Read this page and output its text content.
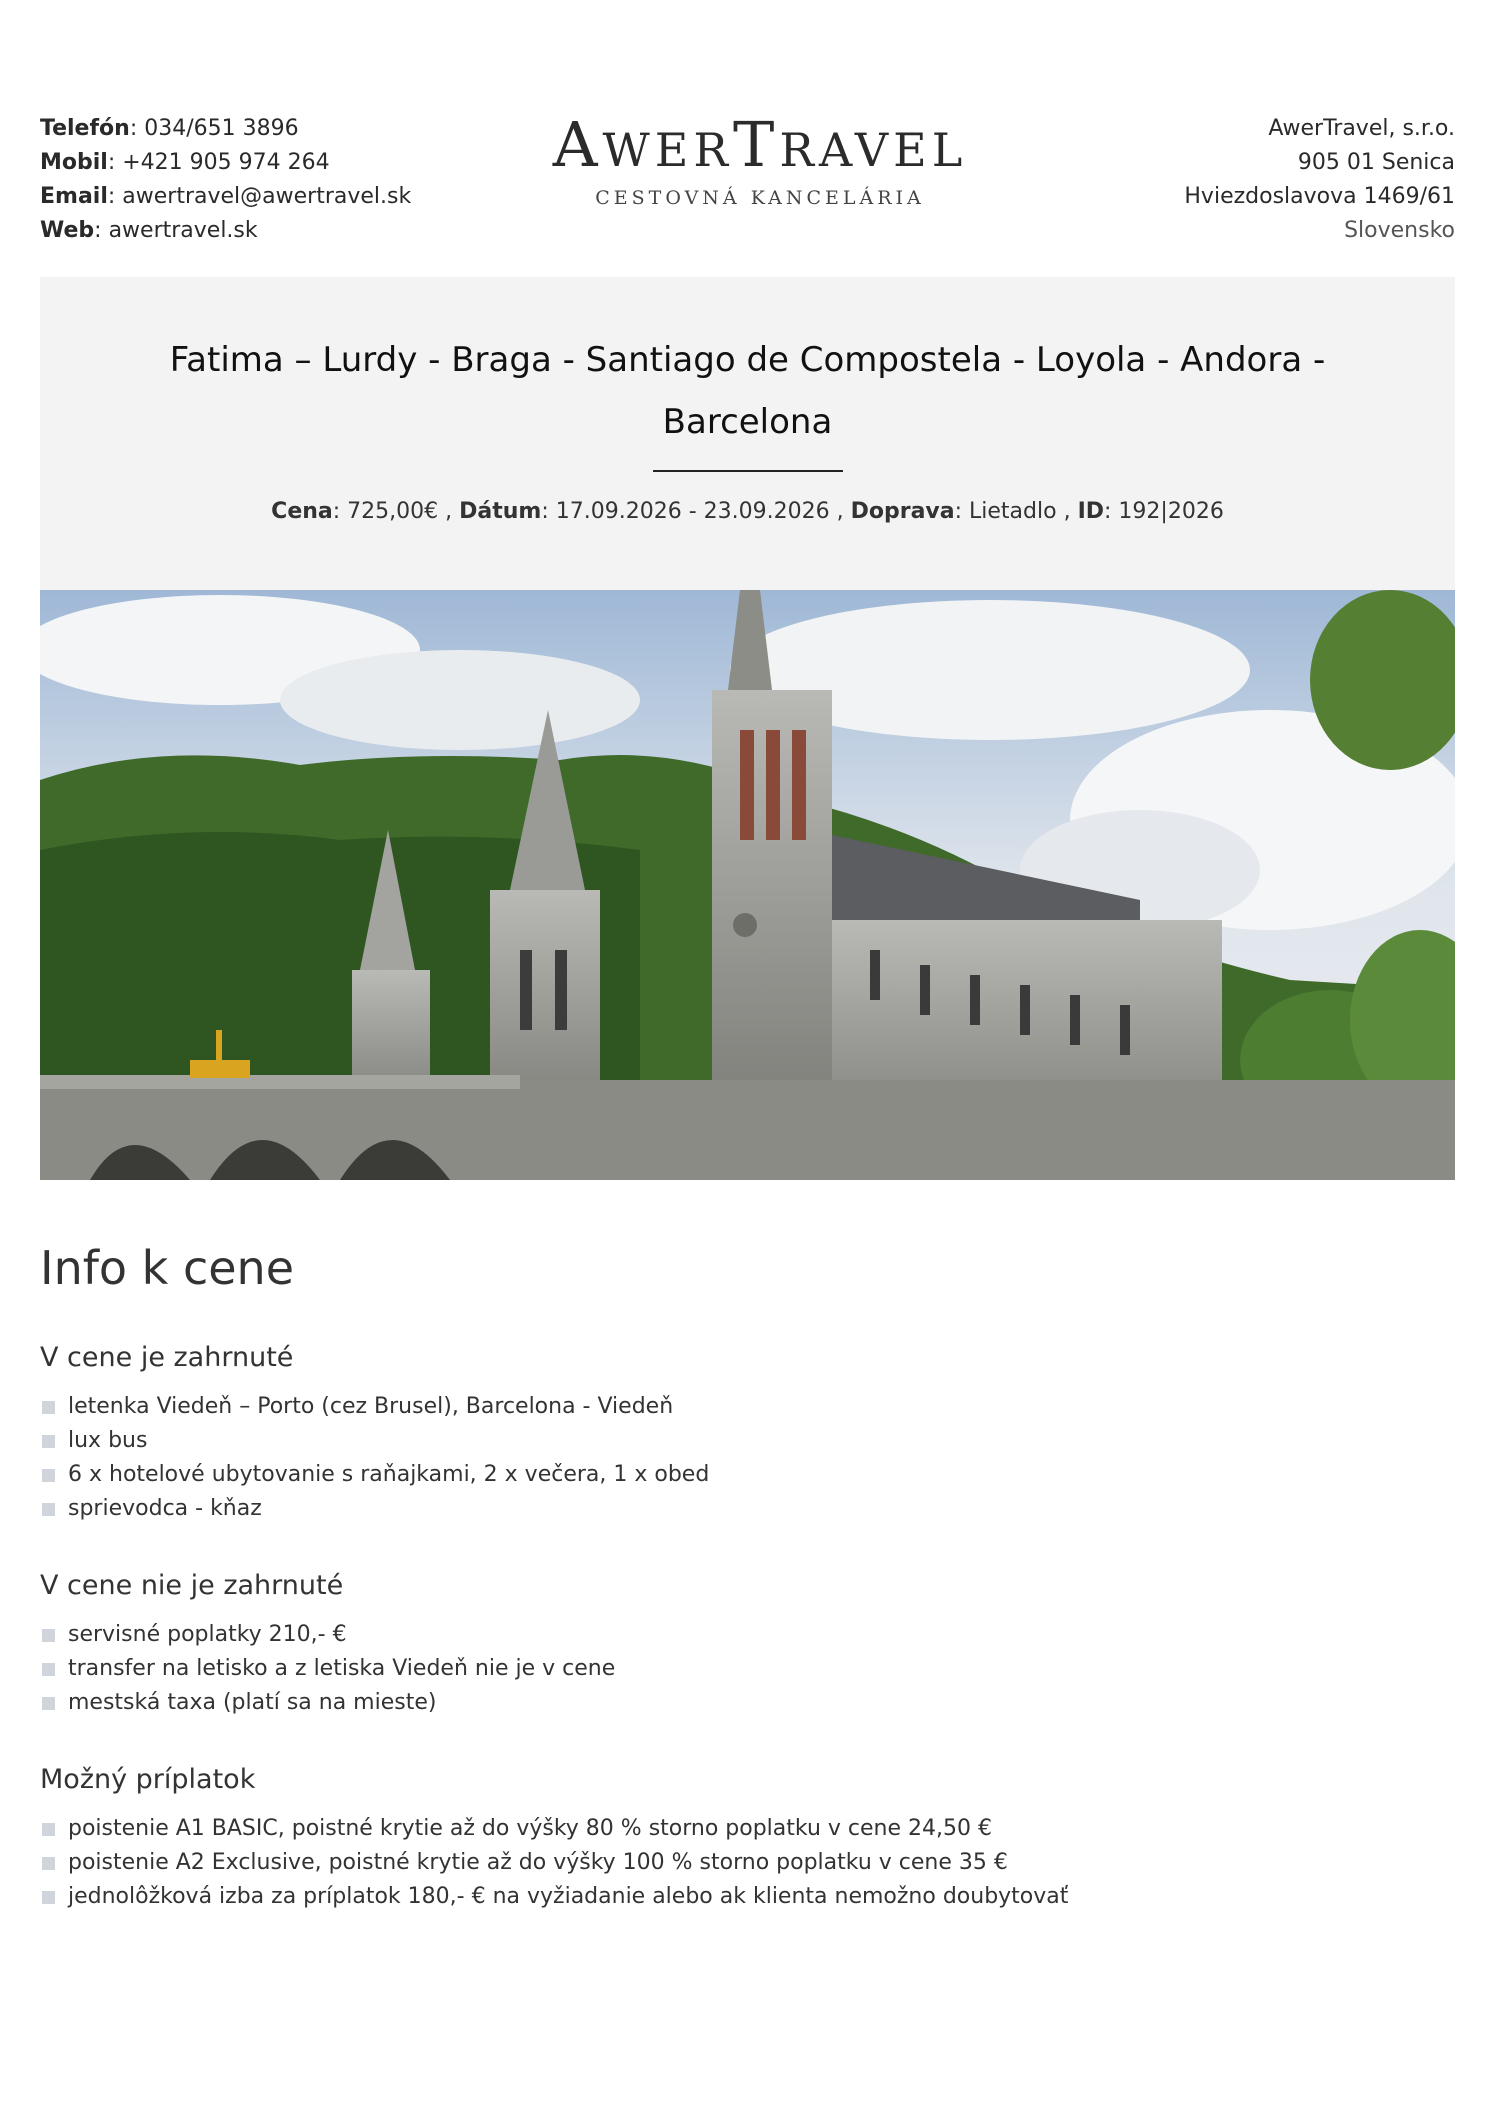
Telefón: 034/651 3896
Mobil: +421 905 974 264
Email: awertravel@awertravel.sk
Web: awertravel.sk
AWERTRAVEL
CESTOVNÁ KANCELÁRIA
AwerTravel, s.r.o.
905 01 Senica
Hviezdoslavova 1469/61
Slovensko
Fatima – Lurdy - Braga - Santiago de Compostela - Loyola - Andora - Barcelona
Cena: 725,00€ , Dátum: 17.09.2026 - 23.09.2026 , Doprava: Lietadlo , ID: 192|2026
Info k cene
V cene je zahrnuté
letenka Viedeň – Porto (cez Brusel), Barcelona - Viedeň
lux bus
6 x hotelové ubytovanie s raňajkami, 2 x večera, 1 x obed
sprievodca - kňaz
V cene nie je zahrnuté
servisné poplatky 210,- €
transfer na letisko a z letiska Viedeň nie je v cene
mestská taxa (platí sa na mieste)
Možný príplatok
poistenie A1 BASIC, poistné krytie až do výšky 80 % storno poplatku v cene 24,50 €
poistenie A2 Exclusive, poistné krytie až do výšky 100 % storno poplatku v cene 35 €
jednolôžková izba za príplatok 180,- € na vyžiadanie alebo ak klienta nemožno doubytovať
